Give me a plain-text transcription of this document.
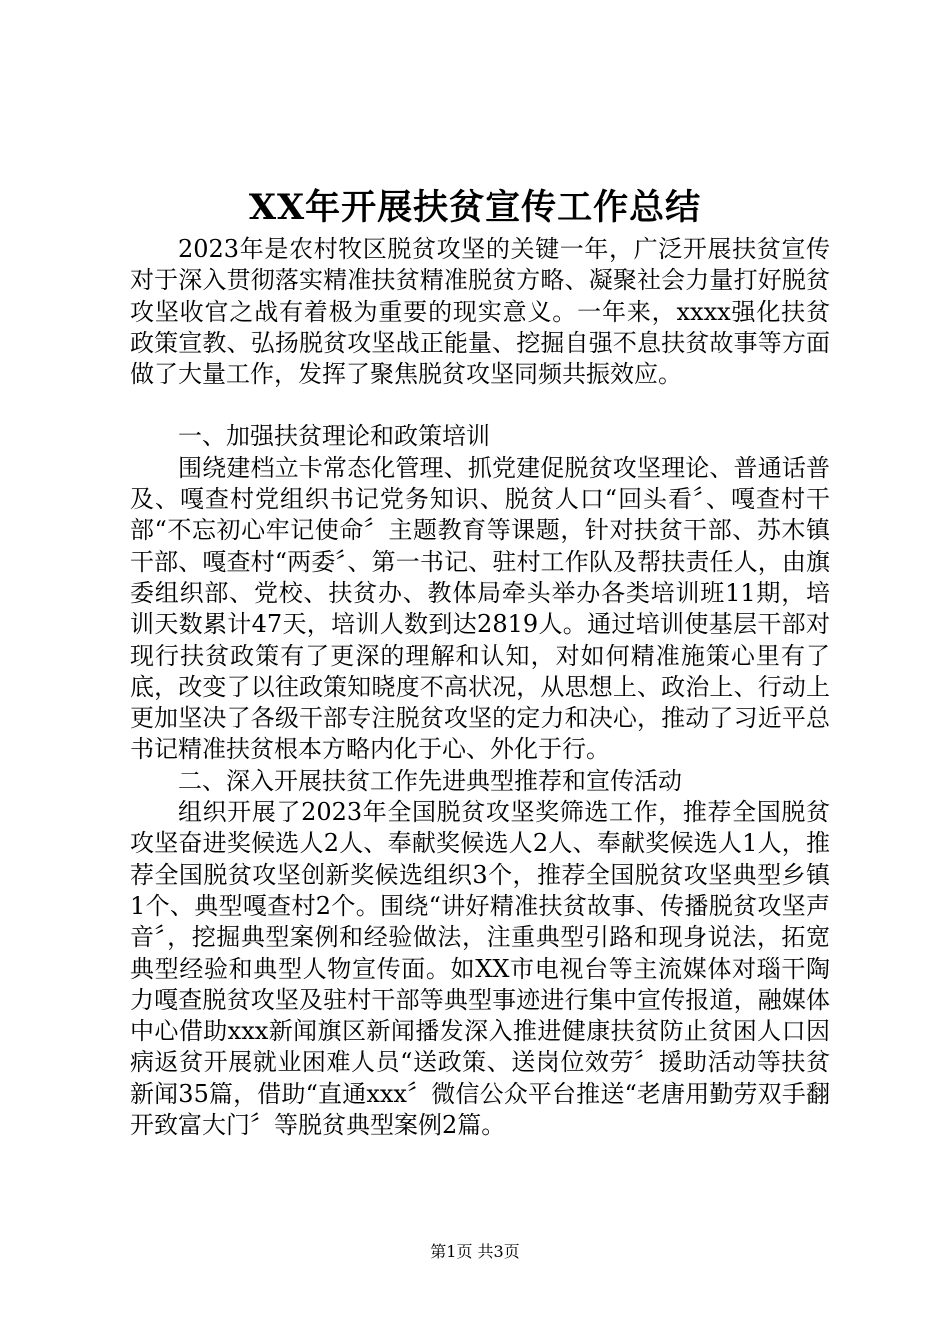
XX年开展扶贫宣传工作总结

2023年是农村牧区脱贫攻坚的关键一年，广泛开展扶贫宣传对于深入贯彻落实精准扶贫精准脱贫方略、凝聚社会力量打好脱贫攻坚收官之战有着极为重要的现实意义。一年来，xxxx强化扶贫政策宣教、弘扬脱贫攻坚战正能量、挖掘自强不息扶贫故事等方面做了大量工作，发挥了聚焦脱贫攻坚同频共振效应。

一、加强扶贫理论和政策培训

围绕建档立卡常态化管理、抓党建促脱贫攻坚理论、普通话普及、嘎查村党组织书记党务知识、脱贫人口“回头看〞、嘎查村干部“不忘初心牢记使命〞主题教育等课题，针对扶贫干部、苏木镇干部、嘎查村“两委〞、第一书记、驻村工作队及帮扶责任人，由旗委组织部、党校、扶贫办、教体局牵头举办各类培训班11期，培训天数累计47天，培训人数到达2819人。通过培训使基层干部对现行扶贫政策有了更深的理解和认知，对如何精准施策心里有了底，改变了以往政策知晓度不高状况，从思想上、政治上、行动上更加坚决了各级干部专注脱贫攻坚的定力和决心，推动了习近平总书记精准扶贫根本方略内化于心、外化于行。

二、深入开展扶贫工作先进典型推荐和宣传活动

组织开展了2023年全国脱贫攻坚奖筛选工作，推荐全国脱贫攻坚奋进奖候选人2人、奉献奖候选人2人、奉献奖候选人1人，推荐全国脱贫攻坚创新奖候选组织3个，推荐全国脱贫攻坚典型乡镇1个、典型嘎查村2个。围绕“讲好精准扶贫故事、传播脱贫攻坚声音〞，挖掘典型案例和经验做法，注重典型引路和现身说法，拓宽典型经验和典型人物宣传面。如XX市电视台等主流媒体对瑙干陶力嘎查脱贫攻坚及驻村干部等典型事迹进行集中宣传报道，融媒体中心借助xxx新闻旗区新闻播发深入推进健康扶贫防止贫困人口因病返贫开展就业困难人员“送政策、送岗位效劳〞援助活动等扶贫新闻35篇，借助“直通xxx〞微信公众平台推送“老唐用勤劳双手翻开致富大门〞等脱贫典型案例2篇。

第1页 共3页
